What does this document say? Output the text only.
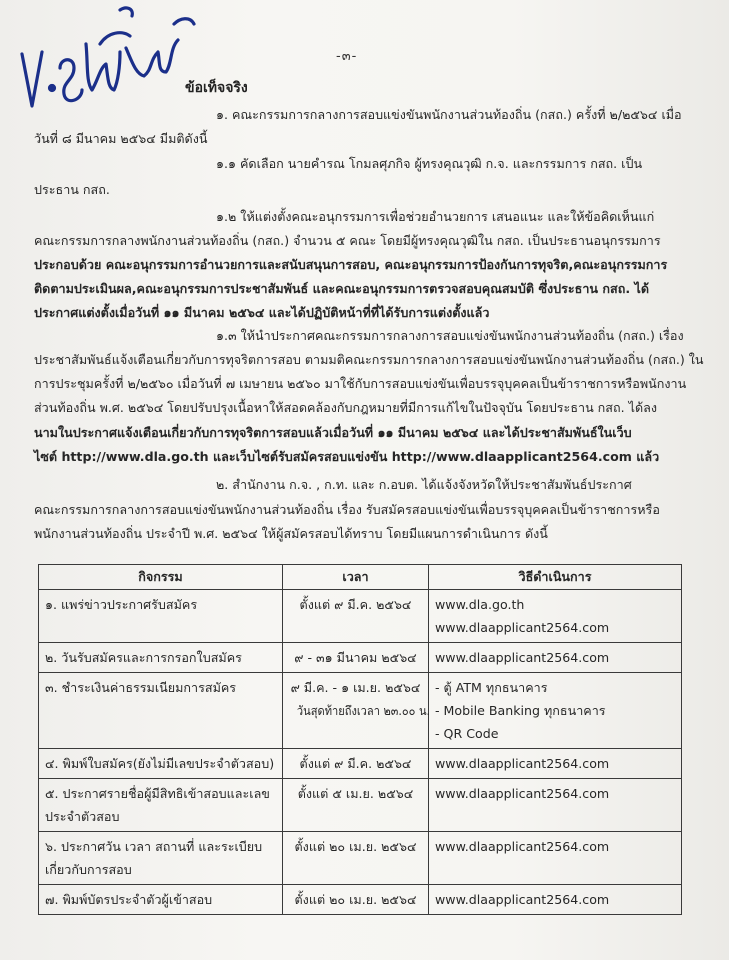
-๓-
ข้อเท็จจริง
๑. คณะกรรมการกลางการสอบแข่งขันพนักงานส่วนท้องถิ่น (กสถ.) ครั้งที่ ๒/๒๕๖๔ เมื่อ
วันที่ ๘ มีนาคม ๒๕๖๔ มีมติดังนี้
๑.๑ คัดเลือก นายคำรณ โกมลศุภกิจ ผู้ทรงคุณวุฒิ ก.จ. และกรรมการ กสถ. เป็น
ประธาน กสถ.
๑.๒ ให้แต่งตั้งคณะอนุกรรมการเพื่อช่วยอำนวยการ เสนอแนะ และให้ข้อคิดเห็นแก่
คณะกรรมการกลางพนักงานส่วนท้องถิ่น (กสถ.) จำนวน ๕ คณะ โดยมีผู้ทรงคุณวุฒิใน กสถ. เป็นประธานอนุกรรมการ
ประกอบด้วย คณะอนุกรรมการอำนวยการและสนับสนุนการสอบ, คณะอนุกรรมการป้องกันการทุจริต,คณะอนุกรรมการ
ติดตามประเมินผล,คณะอนุกรรมการประชาสัมพันธ์ และคณะอนุกรรมการตรวจสอบคุณสมบัติ ซึ่งประธาน กสถ. ได้
ประกาศแต่งตั้งเมื่อวันที่ ๑๑ มีนาคม ๒๕๖๔ และได้ปฏิบัติหน้าที่ที่ได้รับการแต่งตั้งแล้ว
๑.๓ ให้นำประกาศคณะกรรมการกลางการสอบแข่งขันพนักงานส่วนท้องถิ่น (กสถ.) เรื่อง
ประชาสัมพันธ์แจ้งเตือนเกี่ยวกับการทุจริตการสอบ ตามมติคณะกรรมการกลางการสอบแข่งขันพนักงานส่วนท้องถิ่น (กสถ.) ใน
การประชุมครั้งที่ ๒/๒๕๖๐ เมื่อวันที่ ๗ เมษายน ๒๕๖๐ มาใช้กับการสอบแข่งขันเพื่อบรรจุบุคคลเป็นข้าราชการหรือพนักงาน
ส่วนท้องถิ่น พ.ศ. ๒๕๖๔ โดยปรับปรุงเนื้อหาให้สอดคล้องกับกฎหมายที่มีการแก้ไขในปัจจุบัน โดยประธาน กสถ. ได้ลง
นามในประกาศแจ้งเตือนเกี่ยวกับการทุจริตการสอบแล้วเมื่อวันที่ ๑๑ มีนาคม ๒๕๖๔ และได้ประชาสัมพันธ์ในเว็บ
ไซต์ http://www.dla.go.th และเว็บไซต์รับสมัครสอบแข่งขัน http://www.dlaapplicant2564.com แล้ว
๒. สำนักงาน ก.จ. , ก.ท. และ ก.อบต. ได้แจ้งจังหวัดให้ประชาสัมพันธ์ประกาศ
คณะกรรมการกลางการสอบแข่งขันพนักงานส่วนท้องถิ่น เรื่อง รับสมัครสอบแข่งขันเพื่อบรรจุบุคคลเป็นข้าราชการหรือ
พนักงานส่วนท้องถิ่น ประจำปี พ.ศ. ๒๕๖๔ ให้ผู้สมัครสอบได้ทราบ โดยมีแผนการดำเนินการ ดังนี้
กิจกรรม	เวลา	วิธีดำเนินการ

๑. แพร่ข่าวประกาศรับสมัคร	ตั้งแต่ ๙ มี.ค. ๒๕๖๔	www.dla.go.th
www.dlaapplicant2564.com

๒. วันรับสมัครและการกรอกใบสมัคร	๙ - ๓๑ มีนาคม ๒๕๖๔	www.dlaapplicant2564.com

๓. ชำระเงินค่าธรรมเนียมการสมัคร	๙ มี.ค. - ๑ เม.ย. ๒๕๖๔
วันสุดท้ายถึงเวลา ๒๓.๐๐ น.	- ตู้ ATM ทุกธนาคาร
- Mobile Banking ทุกธนาคาร
- QR Code

๔. พิมพ์ใบสมัคร(ยังไม่มีเลขประจำตัวสอบ)	ตั้งแต่ ๙ มี.ค. ๒๕๖๔	www.dlaapplicant2564.com

๕. ประกาศรายชื่อผู้มีสิทธิเข้าสอบและเลข
ประจำตัวสอบ	ตั้งแต่ ๕ เม.ย. ๒๕๖๔	www.dlaapplicant2564.com

๖. ประกาศวัน เวลา สถานที่ และระเบียบ
เกี่ยวกับการสอบ	ตั้งแต่ ๒๐ เม.ย. ๒๕๖๔	www.dlaapplicant2564.com

๗. พิมพ์บัตรประจำตัวผู้เข้าสอบ	ตั้งแต่ ๒๐ เม.ย. ๒๕๖๔	www.dlaapplicant2564.com
